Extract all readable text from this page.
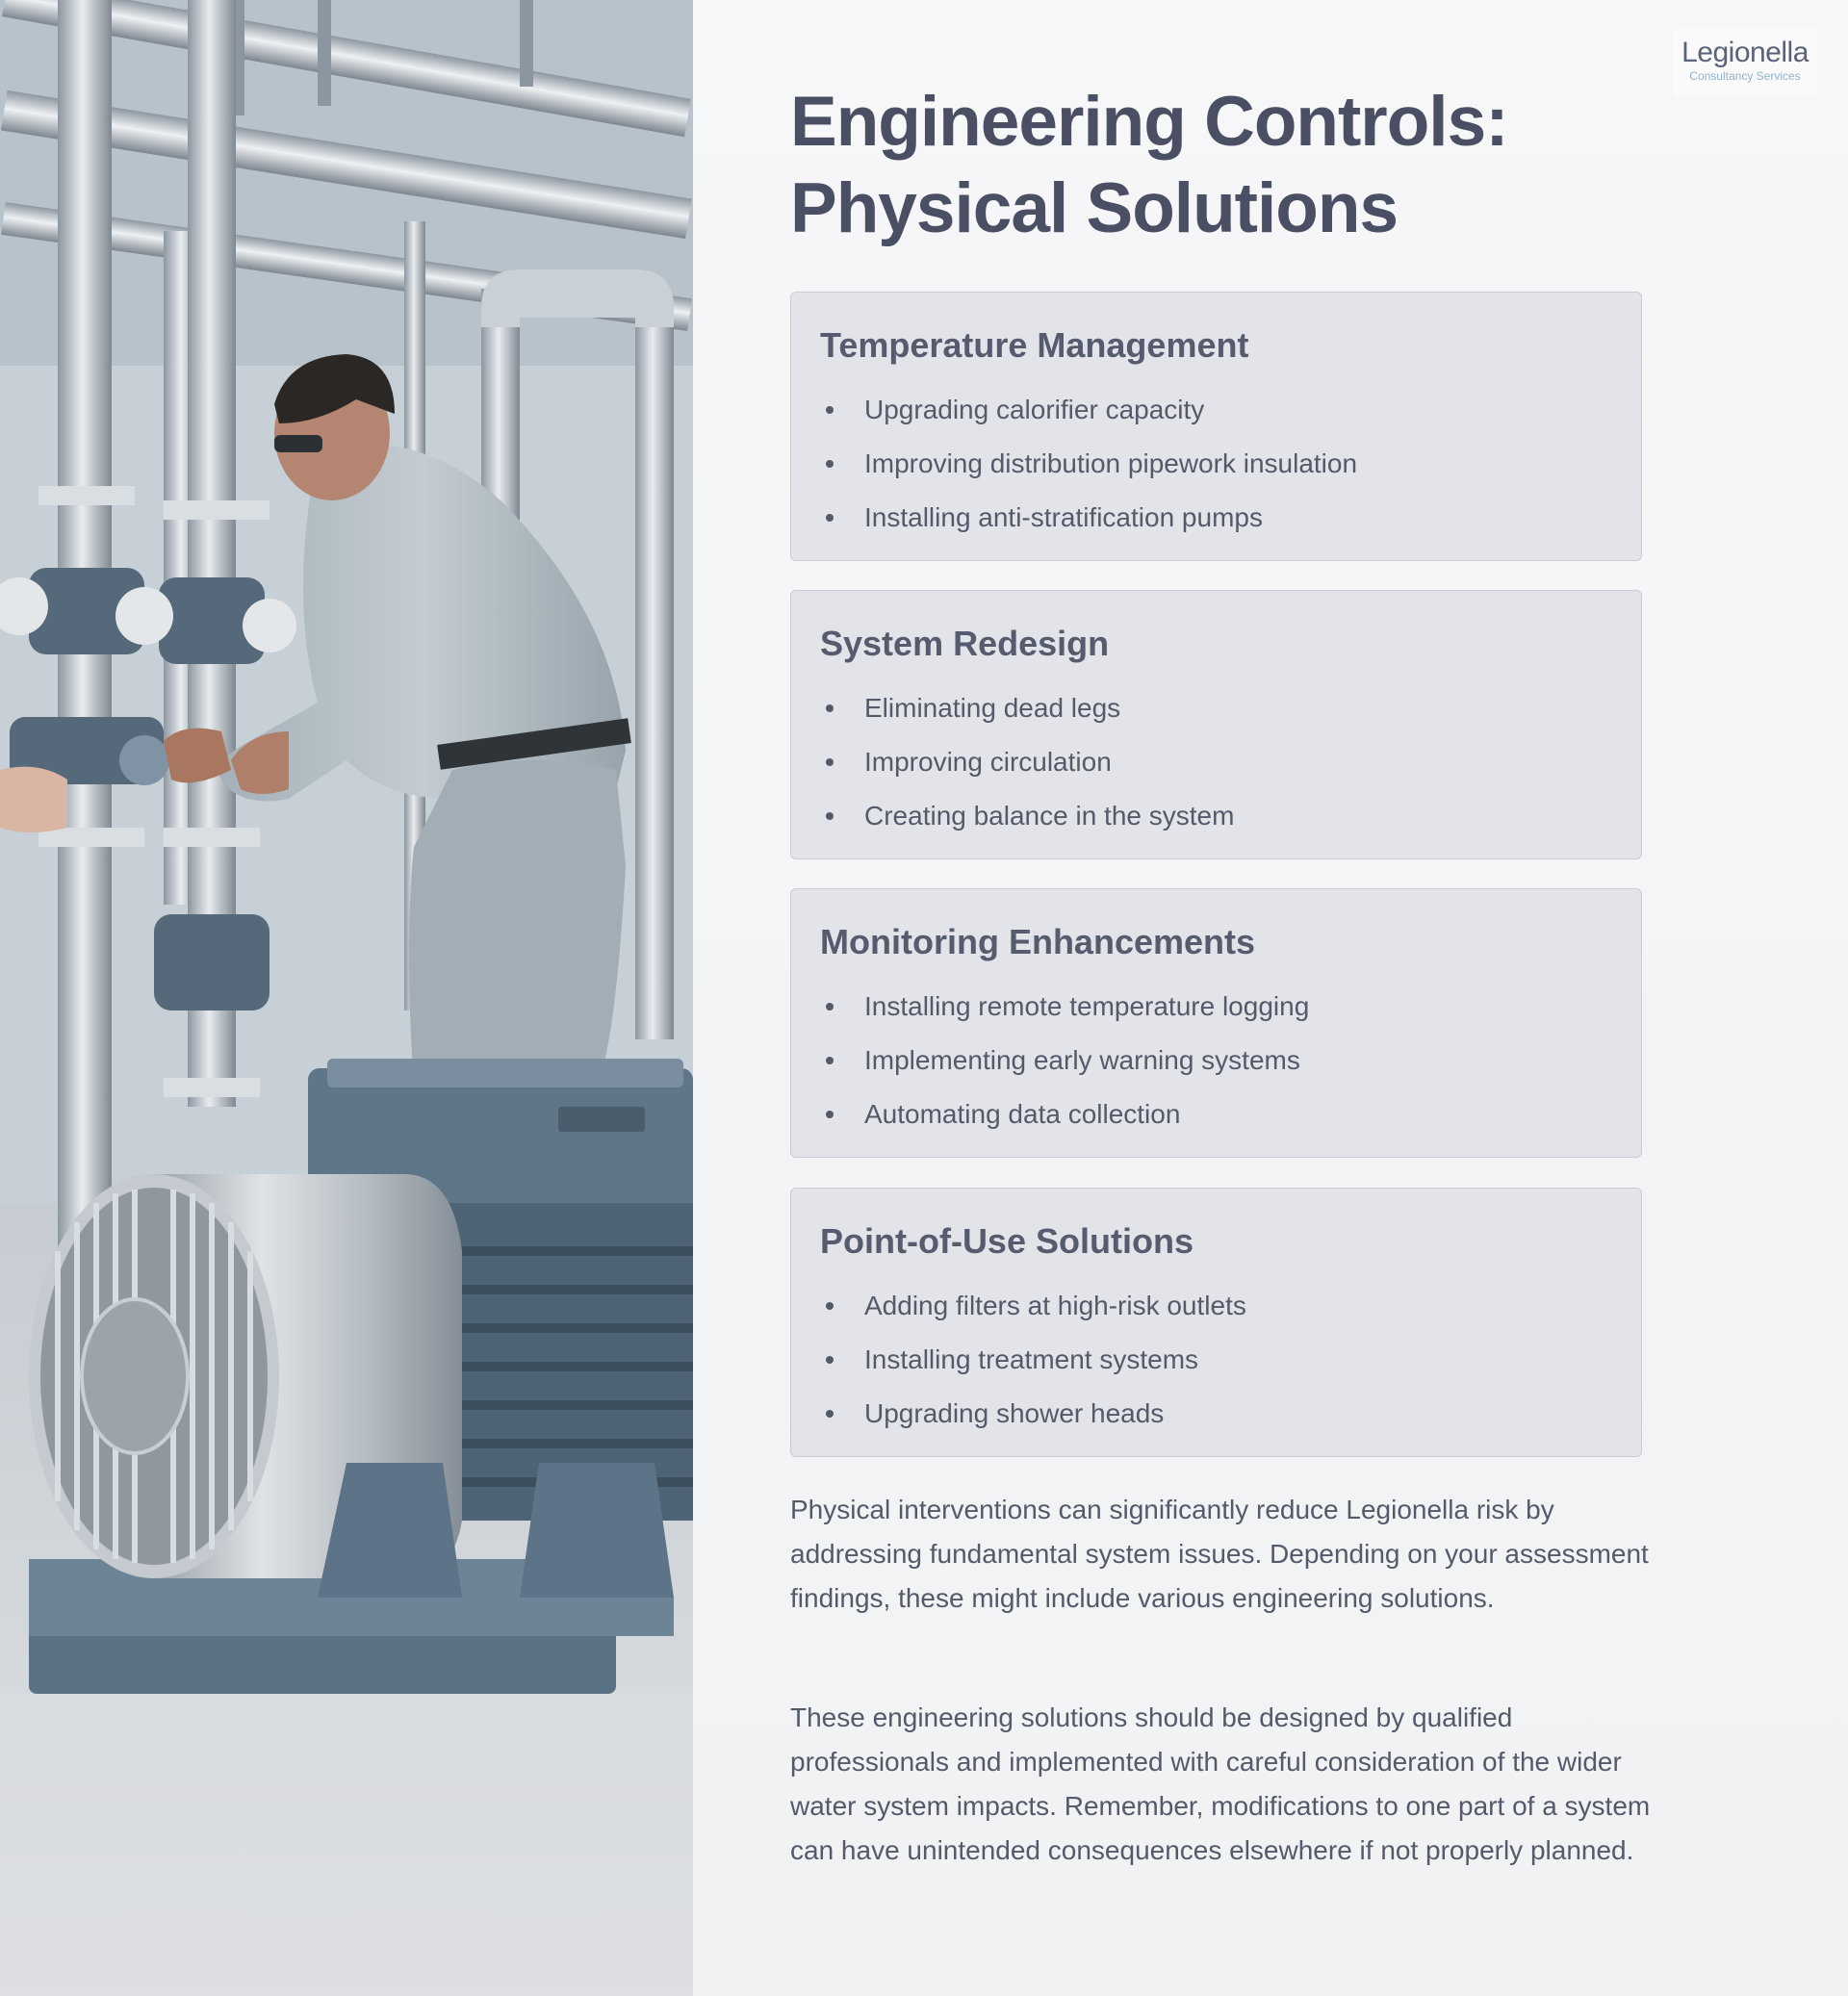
Legionella
Consultancy Services
Engineering Controls: Physical Solutions
Temperature Management
Upgrading calorifier capacity
Improving distribution pipework insulation
Installing anti-stratification pumps
System Redesign
Eliminating dead legs
Improving circulation
Creating balance in the system
Monitoring Enhancements
Installing remote temperature logging
Implementing early warning systems
Automating data collection
Point-of-Use Solutions
Adding filters at high-risk outlets
Installing treatment systems
Upgrading shower heads

Physical interventions can significantly reduce Legionella risk by addressing fundamental system issues. Depending on your assessment findings, these might include various engineering solutions.

These engineering solutions should be designed by qualified professionals and implemented with careful consideration of the wider water system impacts. Remember, modifications to one part of a system can have unintended consequences elsewhere if not properly planned.
